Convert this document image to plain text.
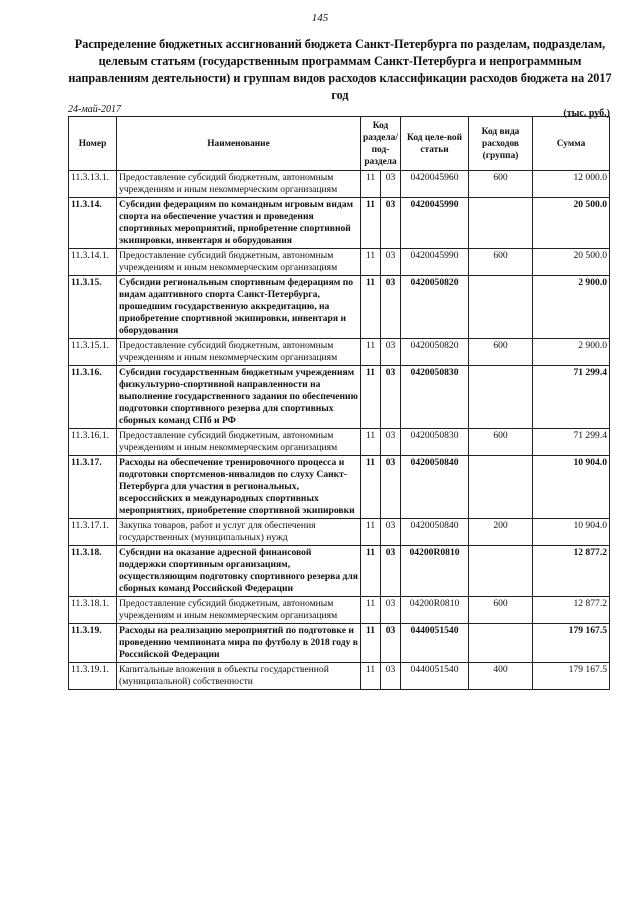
145
Распределение бюджетных ассигнований бюджета Санкт-Петербурга по разделам, подразделам, целевым статьям (государственным программам Санкт-Петербурга и непрограммным направлениям деятельности) и группам видов расходов классификации расходов бюджета на 2017 год
24-май-2017	(тыс. руб.)
Номер	Наименование	Код раздела/ под-раздела		Код целе-вой статьи	Код вида расходов (группа)	Сумма
11.3.13.1.	Предоставление субсидий бюджетным, автономным учреждениям и иным некоммерческим организациям	11	03	0420045960	600	12 000.0
11.3.14.	Субсидии федерациям по командным игровым видам спорта на обеспечение участия и проведения спортивных мероприятий, приобретение спортивной экипировки, инвентаря и оборудования	11	03	0420045990		20 500.0
11.3.14.1.	Предоставление субсидий бюджетным, автономным учреждениям и иным некоммерческим организациям	11	03	0420045990	600	20 500.0
11.3.15.	Субсидии региональным спортивным федерациям по видам адаптивного спорта Санкт-Петербурга, прошедшим государственную аккредитацию, на приобретение спортивной экипировки, инвентаря и оборудования	11	03	0420050820		2 900.0
11.3.15.1.	Предоставление субсидий бюджетным, автономным учреждениям и иным некоммерческим организациям	11	03	0420050820	600	2 900.0
11.3.16.	Субсидии государственным бюджетным учреждениям физкультурно-спортивной направленности на выполнение государственного задания по обеспечению подготовки спортивного резерва для спортивных сборных команд СПб и РФ	11	03	0420050830		71 299.4
11.3.16.1.	Предоставление субсидий бюджетным, автономным учреждениям и иным некоммерческим организациям	11	03	0420050830	600	71 299.4
11.3.17.	Расходы на обеспечение тренировочного процесса и подготовки спортсменов-инвалидов по слуху Санкт-Петербурга для участия в региональных, всероссийских и международных спортивных мероприятиях, приобретение спортивной экипировки	11	03	0420050840		10 904.0
11.3.17.1.	Закупка товаров, работ и услуг для обеспечения государственных (муниципальных) нужд	11	03	0420050840	200	10 904.0
11.3.18.	Субсидии на оказание адресной финансовой поддержки спортивным организациям, осуществляющим подготовку спортивного резерва для сборных команд Российской Федерации	11	03	04200R0810		12 877.2
11.3.18.1.	Предоставление субсидий бюджетным, автономным учреждениям и иным некоммерческим организациям	11	03	04200R0810	600	12 877.2
11.3.19.	Расходы на реализацию мероприятий по подготовке и проведению чемпионата мира по футболу в 2018 году в Российской Федерации	11	03	0440051540		179 167.5
11.3.19.1.	Капитальные вложения в объекты государственной (муниципальной) собственности	11	03	0440051540	400	179 167.5
